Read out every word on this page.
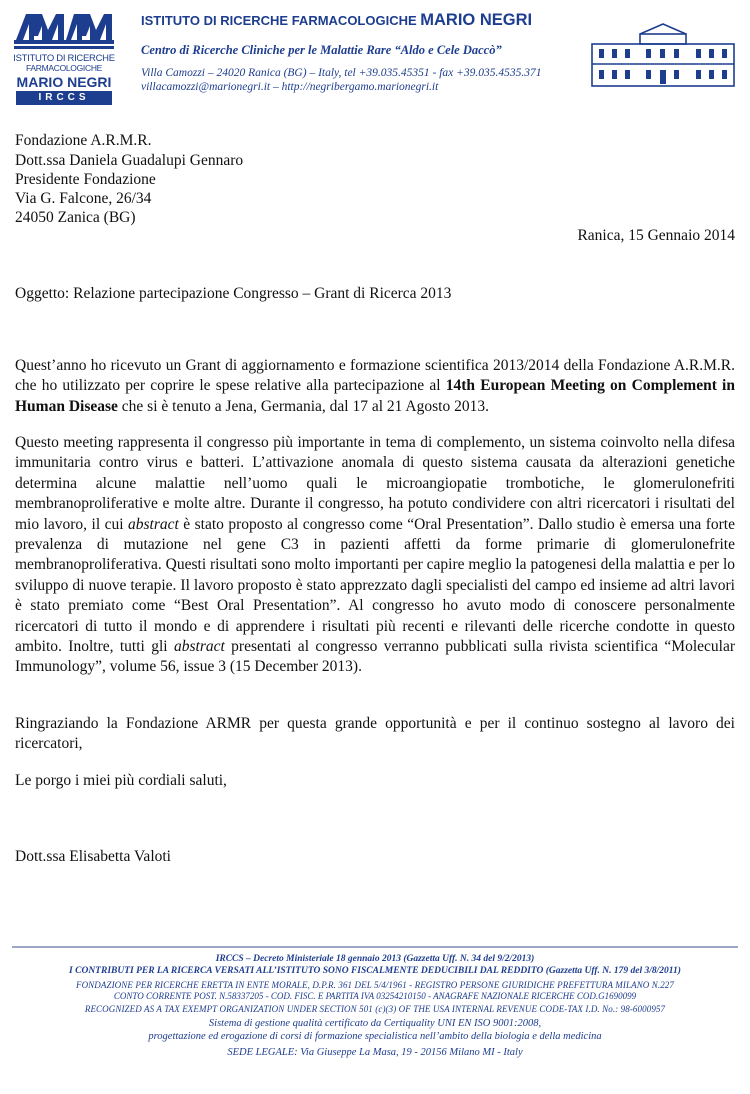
ISTITUTO DI RICERCHE
FARMACOLOGICHE
MARIO NEGRI
IRCCS
ISTITUTO DI RICERCHE FARMACOLOGICHE MARIO NEGRI
Centro di Ricerche Cliniche per le Malattie Rare “Aldo e Cele Daccò”
Villa Camozzi – 24020 Ranica (BG) – Italy, tel +39.035.45351 - fax +39.035.4535.371
villacamozzi@marionegri.it – http://negribergamo.marionegri.it
Fondazione A.R.M.R.
Dott.ssa Daniela Guadalupi Gennaro
Presidente Fondazione
Via G. Falcone, 26/34
24050 Zanica (BG)
Ranica, 15 Gennaio 2014
Oggetto: Relazione partecipazione Congresso – Grant di Ricerca 2013
Quest’anno ho ricevuto un Grant di aggiornamento e formazione scientifica 2013/2014 della Fondazione A.R.M.R. che ho utilizzato per coprire le spese relative alla partecipazione al 14th European Meeting on Complement in Human Disease che si è tenuto a Jena, Germania, dal 17 al 21 Agosto 2013.
Questo meeting rappresenta il congresso più importante in tema di complemento, un sistema coinvolto nella difesa immunitaria contro virus e batteri. L’attivazione anomala di questo sistema causata da alterazioni genetiche determina alcune malattie nell’uomo quali le microangiopatie trombotiche, le glomerulonefriti membranoproliferative e molte altre. Durante il congresso, ha potuto condividere con altri ricercatori i risultati del mio lavoro, il cui abstract è stato proposto al congresso come “Oral Presentation”. Dallo studio è emersa una forte prevalenza di mutazione nel gene C3 in pazienti affetti da forme primarie di glomerulonefrite membranoproliferativa. Questi risultati sono molto importanti per capire meglio la patogenesi della malattia e per lo sviluppo di nuove terapie. Il lavoro proposto è stato apprezzato dagli specialisti del campo ed insieme ad altri lavori è stato premiato come “Best Oral Presentation”. Al congresso ho avuto modo di conoscere personalmente ricercatori di tutto il mondo e di apprendere i risultati più recenti e rilevanti delle ricerche condotte in questo ambito. Inoltre, tutti gli abstract presentati al congresso verranno pubblicati sulla rivista scientifica “Molecular Immunology”, volume 56, issue 3 (15 December 2013).
Ringraziando la Fondazione ARMR per questa grande opportunità e per il continuo sostegno al lavoro dei ricercatori,
Le porgo i miei più cordiali saluti,
Dott.ssa Elisabetta Valoti
IRCCS – Decreto Ministeriale 18 gennaio 2013 (Gazzetta Uff. N. 34 del 9/2/2013)
I CONTRIBUTI PER LA RICERCA VERSATI ALL’ISTITUTO SONO FISCALMENTE DEDUCIBILI DAL REDDITO (Gazzetta Uff. N. 179 del 3/8/2011)
FONDAZIONE PER RICERCHE ERETTA IN ENTE MORALE, D.P.R. 361 DEL 5/4/1961 - REGISTRO PERSONE GIURIDICHE PREFETTURA MILANO N.227
CONTO CORRENTE POST. N.58337205 - COD. FISC. E PARTITA IVA 03254210150 - ANAGRAFE NAZIONALE RICERCHE COD.G1690099
RECOGNIZED AS A TAX EXEMPT ORGANIZATION UNDER SECTION 501 (c)(3) OF THE USA INTERNAL REVENUE CODE-TAX I.D. No.: 98-6000957
Sistema di gestione qualità certificato da Certiquality UNI EN ISO 9001:2008,
progettazione ed erogazione di corsi di formazione specialistica nell’ambito della biologia e della medicina
SEDE LEGALE: Via Giuseppe La Masa, 19 - 20156 Milano MI - Italy
